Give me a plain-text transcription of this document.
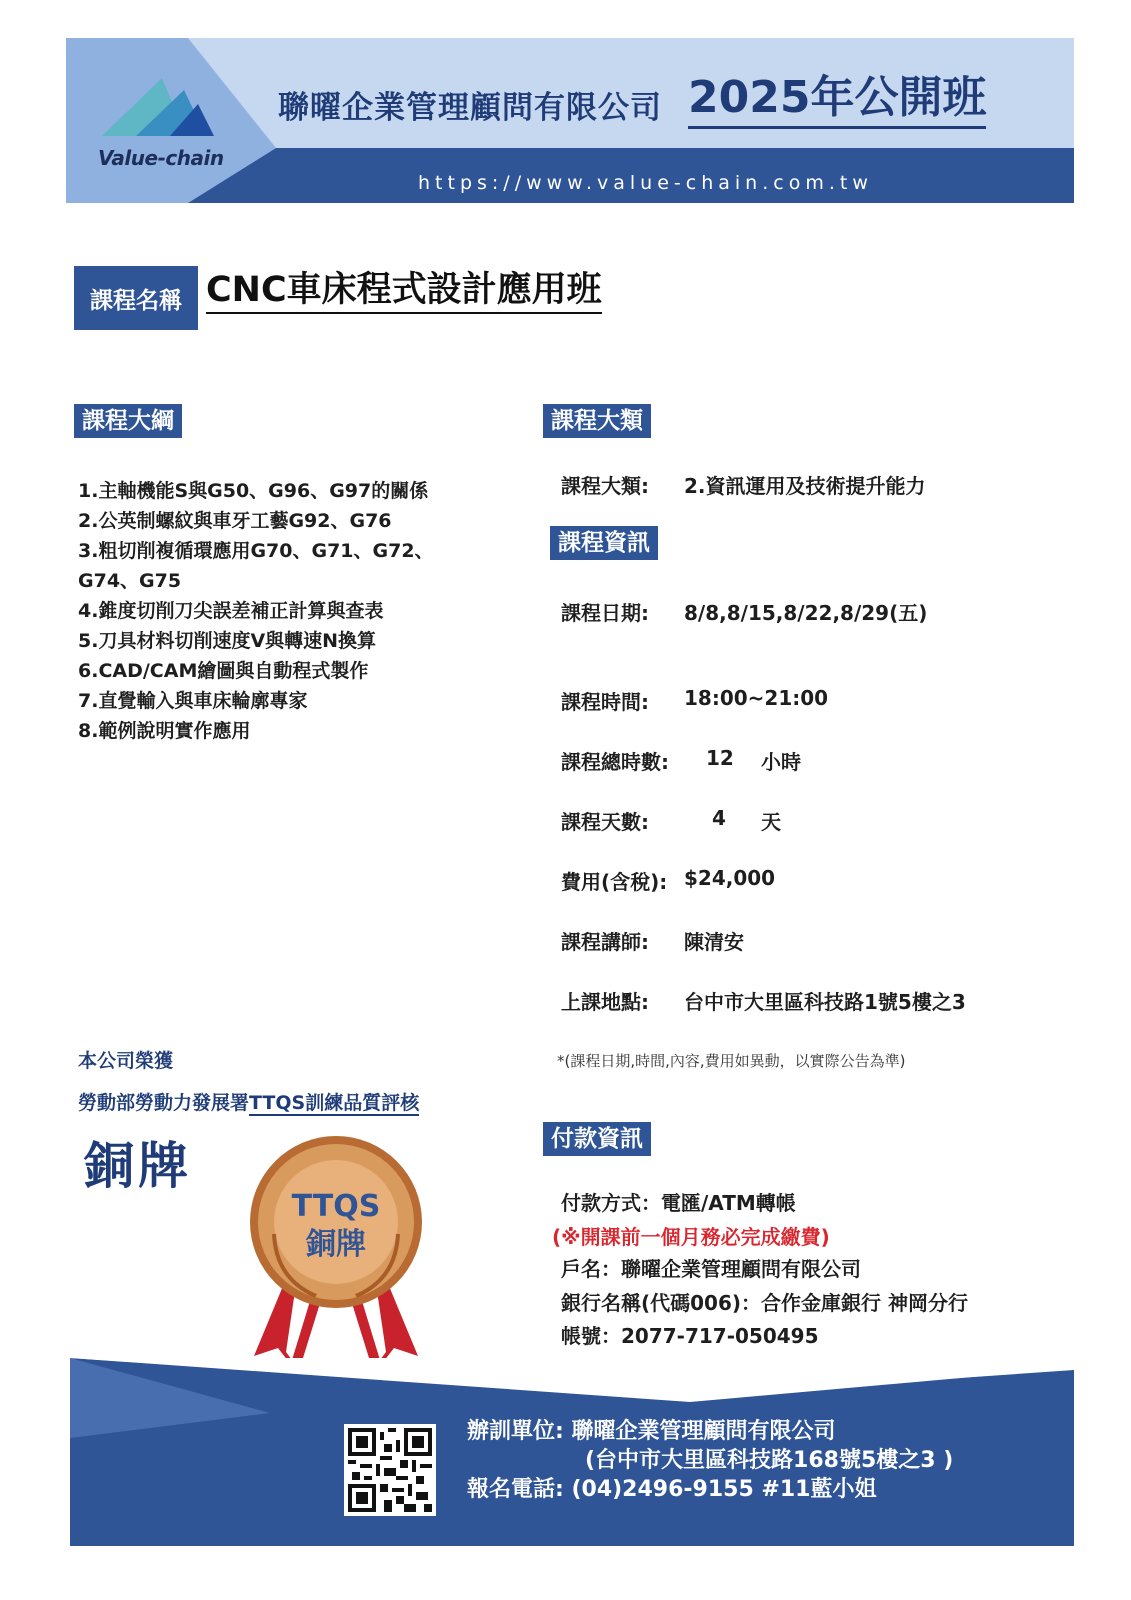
Value-chain
聯曜企業管理顧問有限公司 2025年公開班
https://www.value-chain.com.tw
課程名稱 CNC車床程式設計應用班
課程大綱
1.主軸機能S與G50、G96、G97的關係
2.公英制螺紋與車牙工藝G92、G76
3.粗切削複循環應用G70、G71、G72、
G74、G75
4.錐度切削刀尖誤差補正計算與查表
5.刀具材料切削速度V與轉速N換算
6.CAD/CAM繪圖與自動程式製作
7.直覺輸入與車床輪廓專家
8.範例說明實作應用
課程大類
課程大類: 2.資訊運用及技術提升能力
課程資訊
課程日期: 8/8,8/15,8/22,8/29(五)
課程時間: 18:00~21:00
課程總時數: 12 小時
課程天數:	4 天
費用(含稅): $24,000
課程講師: 陳清安
上課地點: 台中市大里區科技路1號5樓之3
*(課程日期,時間,內容,費用如異動，以實際公告為準)
本公司榮獲
勞動部勞動力發展署TTQS訓練品質評核
銅牌
TTQS
銅牌
付款資訊
付款方式：電匯/ATM轉帳
(※開課前一個月務必完成繳費)
戶名：聯曜企業管理顧問有限公司
銀行名稱(代碼006)：合作金庫銀行 神岡分行
帳號：2077-717-050495
辦訓單位: 聯曜企業管理顧問有限公司
(台中市大里區科技路168號5樓之3 )
報名電話: (04)2496-9155 #11藍小姐
